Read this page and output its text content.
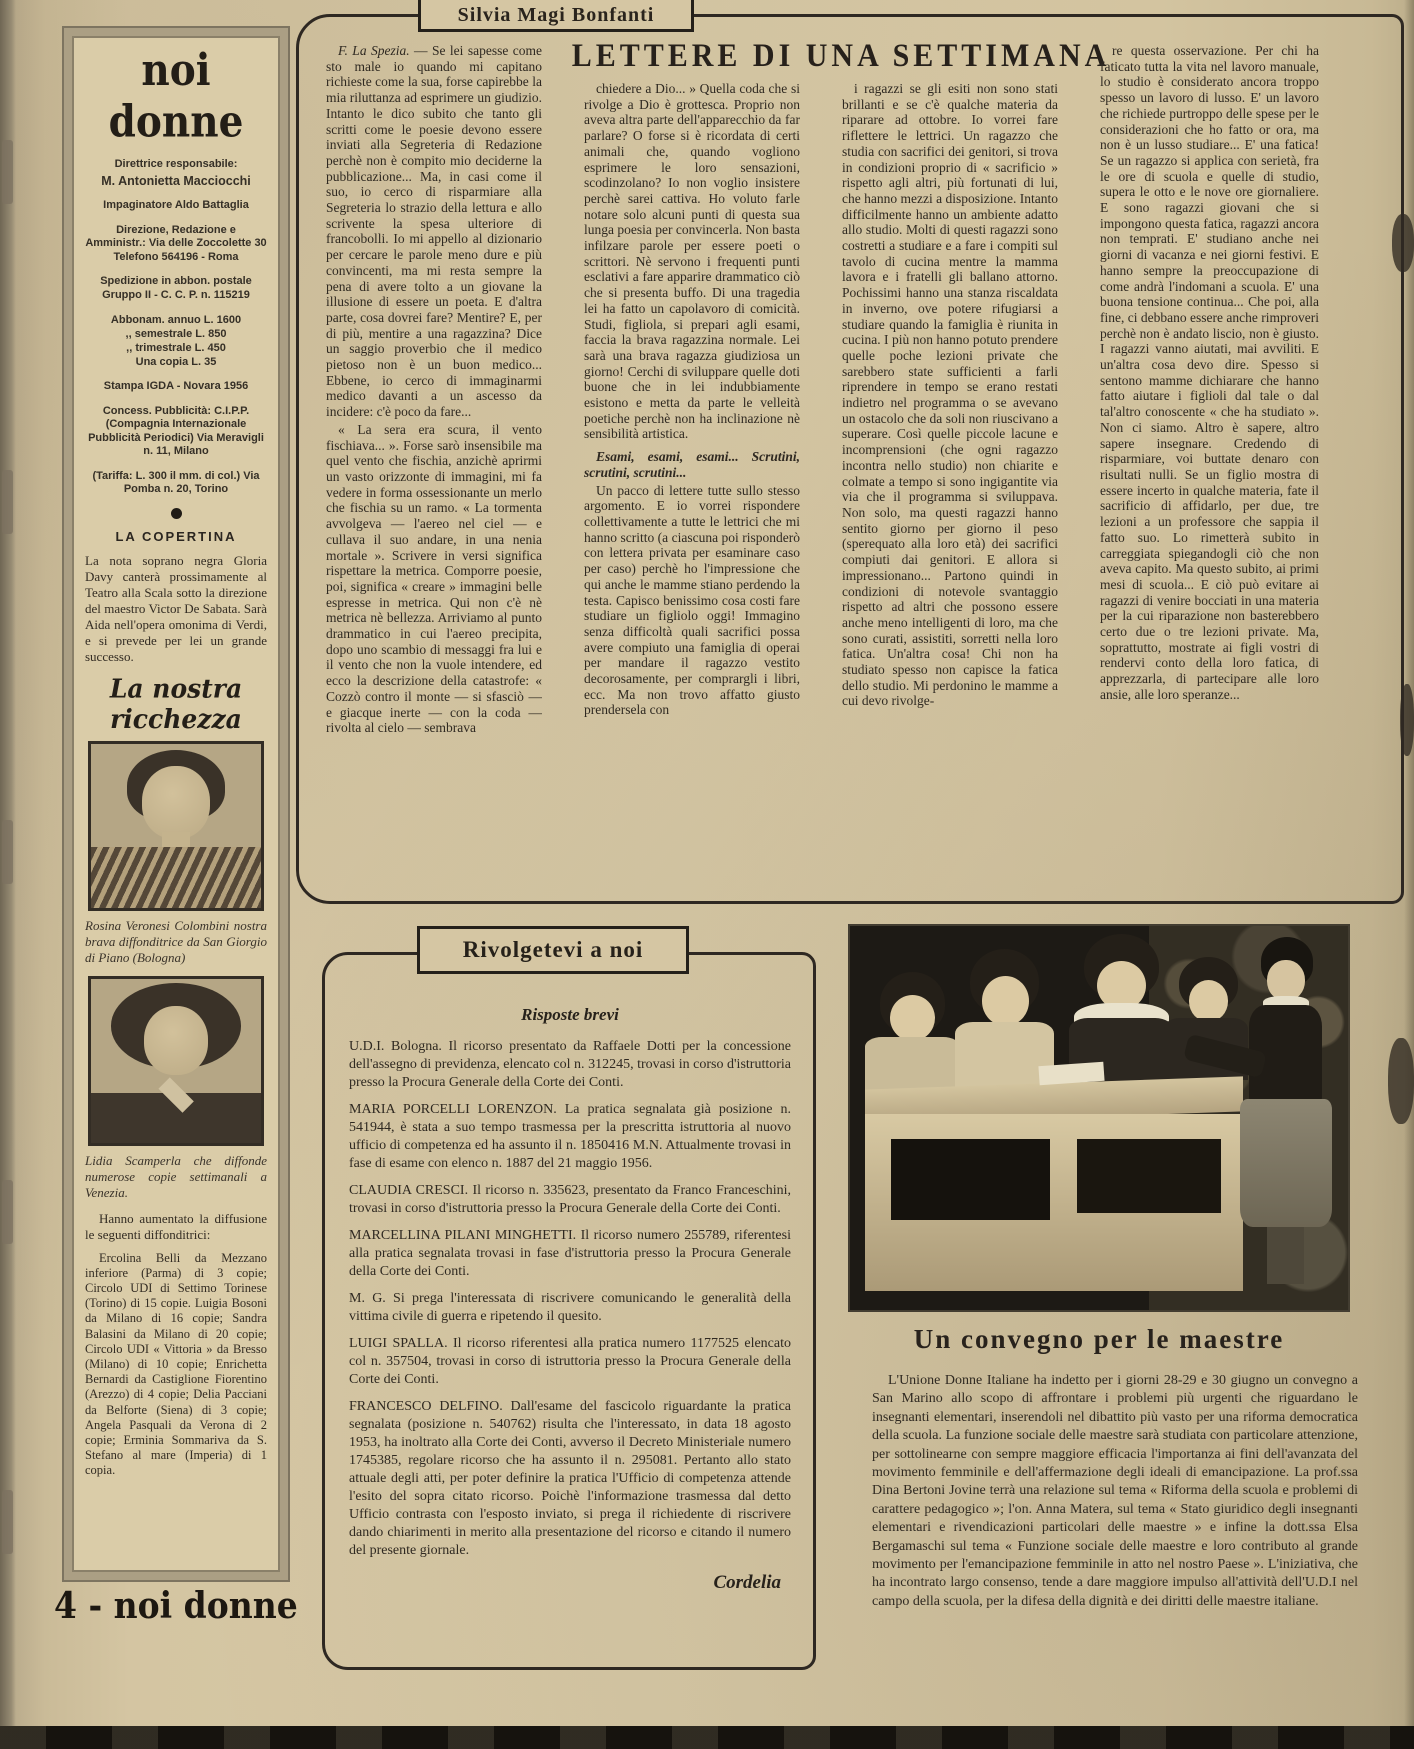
noi donne
Direttrice responsabile:
M. Antonietta Macciocchi
Impaginatore Aldo Battaglia
Direzione, Redazione e Amministr.: Via delle Zoccolette 30 Telefono 564196 - Roma
Spedizione in abbon. postale Gruppo II - C. C. P. n. 115219
Abbonam. annuo L. 1600
,, semestrale L. 850
,, trimestrale L. 450
Una copia L. 35
Stampa IGDA - Novara 1956
Concess. Pubblicità: C.I.P.P. (Compagnia Internazionale Pubblicità Periodici) Via Meravigli n. 11, Milano
(Tariffa: L. 300 il mm. di col.) Via Pomba n. 20, Torino
LA COPERTINA

La nota soprano negra Gloria Davy canterà prossimamente al Teatro alla Scala sotto la direzione del maestro Victor De Sabata. Sarà Aida nell'opera omonima di Verdi, e si prevede per lei un grande successo.

La nostra ricchezza

Rosina Veronesi Colombini nostra brava diffonditrice da San Giorgio di Piano (Bologna)

Lidia Scamperla che diffonde numerose copie settimanali a Venezia.

Hanno aumentato la diffusione le seguenti diffonditrici:

Ercolina Belli da Mezzano inferiore (Parma) di 3 copie; Circolo UDI di Settimo Torinese (Torino) di 15 copie. Luigia Bosoni da Milano di 16 copie; Sandra Balasini da Milano di 20 copie; Circolo UDI « Vittoria » da Bresso (Milano) di 10 copie; Enrichetta Bernardi da Castiglione Fiorentino (Arezzo) di 4 copie; Delia Pacciani da Belforte (Siena) di 3 copie; Angela Pasquali da Verona di 2 copie; Erminia Sommariva da S. Stefano al mare (Imperia) di 1 copia.

4 - noi donne
LETTERE DI UNA SETTIMANA

F. La Spezia. — Se lei sapesse come sto male io quando mi capitano richieste come la sua, forse capirebbe la mia riluttanza ad esprimere un giudizio. Intanto le dico subito che tanto gli scritti come le poesie devono essere inviati alla Segreteria di Redazione perchè non è compito mio deciderne la pubblicazione... Ma, in casi come il suo, io cerco di risparmiare alla Segreteria lo strazio della lettura e allo scrivente la spesa ulteriore di francobolli. Io mi appello al dizionario per cercare le parole meno dure e più convincenti, ma mi resta sempre la pena di avere tolto a un giovane la illusione di essere un poeta. E d'altra parte, cosa dovrei fare? Mentire? E, per di più, mentire a una ragazzina? Dice un saggio proverbio che il medico pietoso non è un buon medico... Ebbene, io cerco di immaginarmi medico davanti a un ascesso da incidere: c'è poco da fare...

« La sera era scura, il vento fischiava... ». Forse sarò insensibile ma quel vento che fischia, anzichè aprirmi un vasto orizzonte di immagini, mi fa vedere in forma ossessionante un merlo che fischia su un ramo. « La tormenta avvolgeva — l'aereo nel ciel — e cullava il suo andare, in una nenia mortale ». Scrivere in versi significa rispettare la metrica. Comporre poesie, poi, significa « creare » immagini belle espresse in metrica. Qui non c'è nè metrica nè bellezza. Arriviamo al punto drammatico in cui l'aereo precipita, dopo uno scambio di messaggi fra lui e il vento che non la vuole intendere, ed ecco la descrizione della catastrofe: « Cozzò contro il monte — si sfasciò — e giacque inerte — con la coda — rivolta al cielo — sembrava

chiedere a Dio... » Quella coda che si rivolge a Dio è grottesca. Proprio non aveva altra parte dell'apparecchio da far parlare? O forse si è ricordata di certi animali che, quando vogliono esprimere le loro sensazioni, scodinzolano? Io non voglio insistere perchè sarei cattiva. Ho voluto farle notare solo alcuni punti di questa sua lunga poesia per convincerla. Non basta infilzare parole per essere poeti o scrittori. Nè servono i frequenti punti esclativi a fare apparire drammatico ciò che si presenta buffo. Di una tragedia lei ha fatto un capolavoro di comicità. Studi, figliola, si prepari agli esami, faccia la brava ragazzina normale. Lei sarà una brava ragazza giudiziosa un giorno! Cerchi di sviluppare quelle doti buone che in lei indubbiamente esistono e metta da parte le velleità poetiche perchè non ha inclinazione nè sensibilità artistica.

Esami, esami, esami... Scrutini, scrutini, scrutini...

Un pacco di lettere tutte sullo stesso argomento. E io vorrei rispondere collettivamente a tutte le lettrici che mi hanno scritto (a ciascuna poi risponderò con lettera privata per esaminare caso per caso) perchè ho l'impressione che qui anche le mamme stiano perdendo la testa. Capisco benissimo cosa costi fare studiare un figliolo oggi! Immagino senza difficoltà quali sacrifici possa avere compiuto una famiglia di operai per mandare il ragazzo vestito decorosamente, per comprargli i libri, ecc. Ma non trovo affatto giusto prendersela con

i ragazzi se gli esiti non sono stati brillanti e se c'è qualche materia da riparare ad ottobre. Io vorrei fare riflettere le lettrici. Un ragazzo che studia con sacrifici dei genitori, si trova in condizioni proprio di « sacrificio » rispetto agli altri, più fortunati di lui, che hanno mezzi a disposizione. Intanto difficilmente hanno un ambiente adatto allo studio. Molti di questi ragazzi sono costretti a studiare e a fare i compiti sul tavolo di cucina mentre la mamma lavora e i fratelli gli ballano attorno. Pochissimi hanno una stanza riscaldata in inverno, ove potere rifugiarsi a studiare quando la famiglia è riunita in cucina. I più non hanno potuto prendere quelle poche lezioni private che sarebbero state sufficienti a farli riprendere in tempo se erano restati indietro nel programma o se avevano un ostacolo che da soli non riuscivano a superare. Così quelle piccole lacune e incomprensioni (che ogni ragazzo incontra nello studio) non chiarite e colmate a tempo si sono ingigantite via via che il programma si sviluppava. Non solo, ma questi ragazzi hanno sentito giorno per giorno il peso (sperequato alla loro età) dei sacrifici compiuti dai genitori. E allora si impressionano... Partono quindi in condizioni di notevole svantaggio rispetto ad altri che possono essere anche meno intelligenti di loro, ma che sono curati, assistiti, sorretti nella loro fatica. Un'altra cosa! Chi non ha studiato spesso non capisce la fatica dello studio. Mi perdonino le mamme a cui devo rivolge-

re questa osservazione. Per chi ha faticato tutta la vita nel lavoro manuale, lo studio è considerato ancora troppo spesso un lavoro di lusso. E' un lavoro che richiede purtroppo delle spese per le considerazioni che ho fatto or ora, ma non è un lusso studiare... E' una fatica! Se un ragazzo si applica con serietà, fra le ore di scuola e quelle di studio, supera le otto e le nove ore giornaliere. E sono ragazzi giovani che si impongono questa fatica, ragazzi ancora non temprati. E' studiano anche nei giorni di vacanza e nei giorni festivi. E hanno sempre la preoccupazione di come andrà l'indomani a scuola. E' una buona tensione continua... Che poi, alla fine, ci debbano essere anche rimproveri perchè non è andato liscio, non è giusto. I ragazzi vanno aiutati, mai avviliti. E un'altra cosa devo dire. Spesso si sentono mamme dichiarare che hanno fatto aiutare i figlioli dal tale o dal tal'altro conoscente « che ha studiato ». Non ci siamo. Altro è sapere, altro sapere insegnare. Credendo di risparmiare, voi buttate denaro con risultati nulli. Se un figlio mostra di essere incerto in qualche materia, fate il sacrificio di affidarlo, per due, tre lezioni a un professore che sappia il fatto suo. Lo rimetterà subito in carreggiata spiegandogli ciò che non aveva capito. Ma questo subito, ai primi mesi di scuola... E ciò può evitare ai ragazzi di venire bocciati in una materia per la cui riparazione non basterebbero certo due o tre lezioni private. Ma, soprattutto, mostrate ai figli vostri di rendervi conto della loro fatica, di apprezzarla, di partecipare alle loro ansie, alle loro speranze...

Silvia Magi Bonfanti
Rivolgetevi a noi
Risposte brevi

U.D.I. Bologna. Il ricorso presentato da Raffaele Dotti per la concessione dell'assegno di previdenza, elencato col n. 312245, trovasi in corso d'istruttoria presso la Procura Generale della Corte dei Conti.

MARIA PORCELLI LORENZON. La pratica segnalata già posizione n. 541944, è stata a suo tempo trasmessa per la prescritta istruttoria al nuovo ufficio di competenza ed ha assunto il n. 1850416 M.N. Attualmente trovasi in fase di esame con elenco n. 1887 del 21 maggio 1956.

CLAUDIA CRESCI. Il ricorso n. 335623, presentato da Franco Franceschini, trovasi in corso d'istruttoria presso la Procura Generale della Corte dei Conti.

MARCELLINA PILANI MINGHETTI. Il ricorso numero 255789, riferentesi alla pratica segnalata trovasi in fase d'istruttoria presso la Procura Generale della Corte dei Conti.

M. G. Si prega l'interessata di riscrivere comunicando le generalità della vittima civile di guerra e ripetendo il quesito.

LUIGI SPALLA. Il ricorso riferentesi alla pratica numero 1177525 elencato col n. 357504, trovasi in corso di istruttoria presso la Procura Generale della Corte dei Conti.

FRANCESCO DELFINO. Dall'esame del fascicolo riguardante la pratica segnalata (posizione n. 540762) risulta che l'interessato, in data 18 agosto 1953, ha inoltrato alla Corte dei Conti, avverso il Decreto Ministeriale numero 1745385, regolare ricorso che ha assunto il n. 295081. Pertanto allo stato attuale degli atti, per poter definire la pratica l'Ufficio di competenza attende l'esito del sopra citato ricorso. Poichè l'informazione trasmessa dal detto Ufficio contrasta con l'esposto inviato, si prega il richiedente di riscrivere dando chiarimenti in merito alla presentazione del ricorso e citando il numero del presente giornale.

Cordelia

Un convegno per le maestre

L'Unione Donne Italiane ha indetto per i giorni 28-29 e 30 giugno un convegno a San Marino allo scopo di affrontare i problemi più urgenti che riguardano le insegnanti elementari, inserendoli nel dibattito più vasto per una riforma democratica della scuola. La funzione sociale delle maestre sarà studiata con particolare attenzione, per sottolinearne con sempre maggiore efficacia l'importanza ai fini dell'avanzata del movimento femminile e dell'affermazione degli ideali di emancipazione. La prof.ssa Dina Bertoni Jovine terrà una relazione sul tema « Riforma della scuola e problemi di carattere pedagogico »; l'on. Anna Matera, sul tema « Stato giuridico degli insegnanti elementari e rivendicazioni particolari delle maestre » e infine la dott.ssa Elsa Bergamaschi sul tema « Funzione sociale delle maestre e loro contributo al grande movimento per l'emancipazione femminile in atto nel nostro Paese ». L'iniziativa, che ha incontrato largo consenso, tende a dare maggiore impulso all'attività dell'U.D.I nel campo della scuola, per la difesa della dignità e dei diritti delle maestre italiane.
